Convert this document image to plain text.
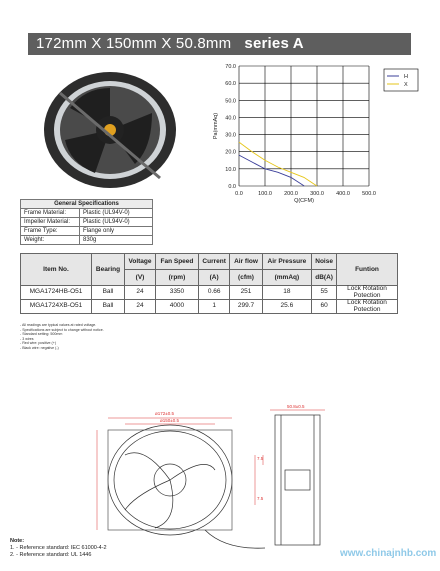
172mm X 150mm X 50.8mm series A
0.0
10.0
20.0
30.0
40.0
50.0
60.0
70.0
0.0	100.0 200.0 300.0 400.0 500.0
Q(CFM)
Pa(mmAq)
H
X
General Specifications	
Frame Material:	Plastic (UL94V-0)
Impeller Material:	Plastic (UL94V-0)
Frame Type:	Flange only
Weight:	830g
Item No.	Bearing	Voltage	Fan Speed	Current	Air flow	Air Pressure	Noise	Funtion
		(V)	(rpm)	(A)	(cfm)	(mmAq)	dB(A)	
MGA1724HB-O51	Ball	24	3350	0.66	251	18	55	Lock Rotation Potection
MGA1724XB-O51	Ball	24	4000	1	299.7	25.6	60	Lock Rotation Potection
- All readings are typical values at rated voltage.
- Specifications are subject to change without notice.
- Standard setting: 500mm
- 3 wires
- Red wire: positive (+)
- Black wire: negative (-)
ø172±0.5
ø150±0.5
50.8±0.5
7.5
7.5
Note:
1. - Reference standard: IEC 61000-4-2
2. - Reference standard: UL 1446	www.chinajnhb.com
